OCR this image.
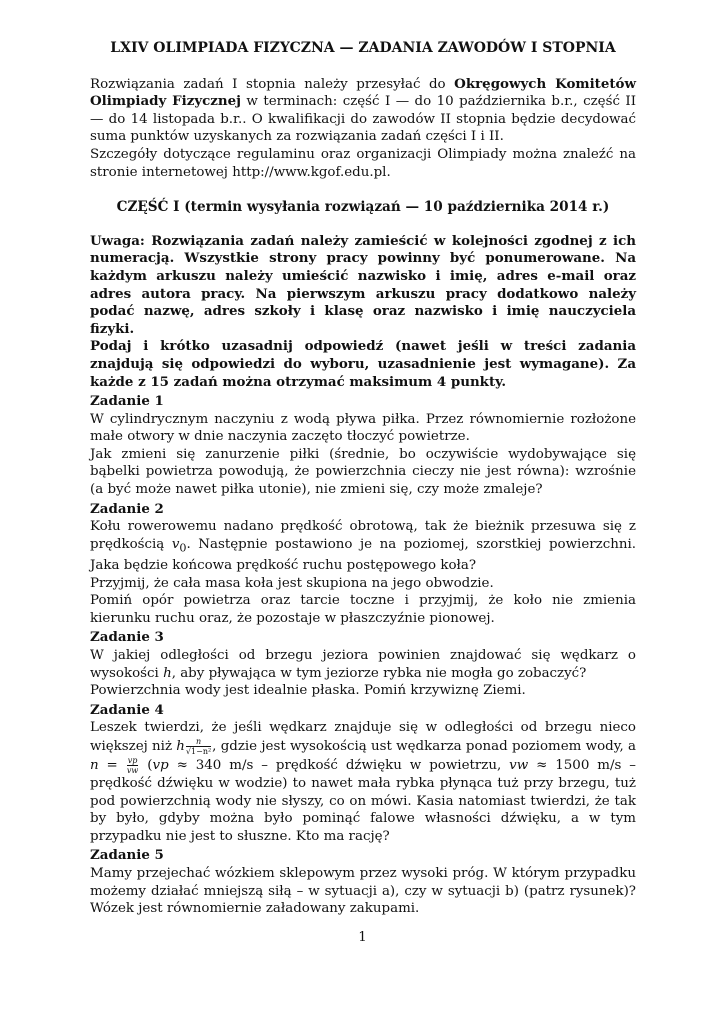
LXIV OLIMPIADA FIZYCZNA — ZADANIA ZAWODÓW I STOPNIA

Rozwiązania zadań I stopnia należy przesyłać do Okręgowych Komitetów Olimpiady Fizycznej w terminach: część I — do 10 października b.r., część II — do 14 listopada b.r.. O kwalifikacji do zawodów II stopnia będzie decydować suma punktów uzyskanych za rozwiązania zadań części I i II.

Szczegóły dotyczące regulaminu oraz organizacji Olimpiady można znaleźć na stronie internetowej http://www.kgof.edu.pl.

CZĘŚĆ I (termin wysyłania rozwiązań — 10 października 2014 r.)

Uwaga: Rozwiązania zadań należy zamieścić w kolejności zgodnej z ich numeracją. Wszystkie strony pracy powinny być ponumerowane. Na każdym arkuszu należy umieścić nazwisko i imię, adres e-mail oraz adres autora pracy. Na pierwszym arkuszu pracy dodatkowo należy podać nazwę, adres szkoły i klasę oraz nazwisko i imię nauczyciela fizyki.

Podaj i krótko uzasadnij odpowiedź (nawet jeśli w treści zadania znajdują się odpowiedzi do wyboru, uzasadnienie jest wymagane). Za każde z 15 zadań można otrzymać maksimum 4 punkty.

Zadanie 1

W cylindrycznym naczyniu z wodą pływa piłka. Przez równomiernie rozłożone małe otwory w dnie naczynia zaczęto tłoczyć powietrze.

Jak zmieni się zanurzenie piłki (średnie, bo oczywiście wydobywające się bąbelki powietrza powodują, że powierzchnia cieczy nie jest równa): wzrośnie (a być może nawet piłka utonie), nie zmieni się, czy może zmaleje?

Zadanie 2

Kołu rowerowemu nadano prędkość obrotową, tak że bieżnik przesuwa się z prędkością $v_0$. Następnie postawiono je na poziomej, szorstkiej powierzchni. Jaka będzie końcowa prędkość ruchu postępowego koła?

Przyjmij, że cała masa koła jest skupiona na jego obwodzie.

Pomiń opór powietrza oraz tarcie toczne i przyjmij, że koło nie zmienia kierunku ruchu oraz, że pozostaje w płaszczyźnie pionowej.

Zadanie 3

W jakiej odległości od brzegu jeziora powinien znajdować się wędkarz o wysokości h, aby pływająca w tym jeziorze rybka nie mogła go zobaczyć?

Powierzchnia wody jest idealnie płaska. Pomiń krzywiznę Ziemi.

Zadanie 4

Leszek twierdzi, że jeśli wędkarz znajduje się w odległości od brzegu nieco większej niż h $\frac{n}{\text{√1−n²}}$ , gdzie jest wysokością ust wędkarza ponad poziomem wody, a $n = \frac{vp}{vw} (vp \approx 340$ m/s – prędkość dźwięku w powietrzu, vw ≈ 1500 m/s – prędkość dźwięku w wodzie) to nawet mała rybka płynąca tuż przy brzegu, tuż pod powierzchnią wody nie słyszy, co on mówi. Kasia natomiast twierdzi, że tak by było, gdyby można było pominąć falowe własności dźwięku, a w tym przypadku nie jest to słuszne. Kto ma rację?

Zadanie 5

Mamy przejechać wózkiem sklepowym przez wysoki próg. W którym przypadku możemy działać mniejszą siłą – w sytuacji a), czy w sytuacji b) (patrz rysunek)? Wózek jest równomiernie załadowany zakupami.

1
